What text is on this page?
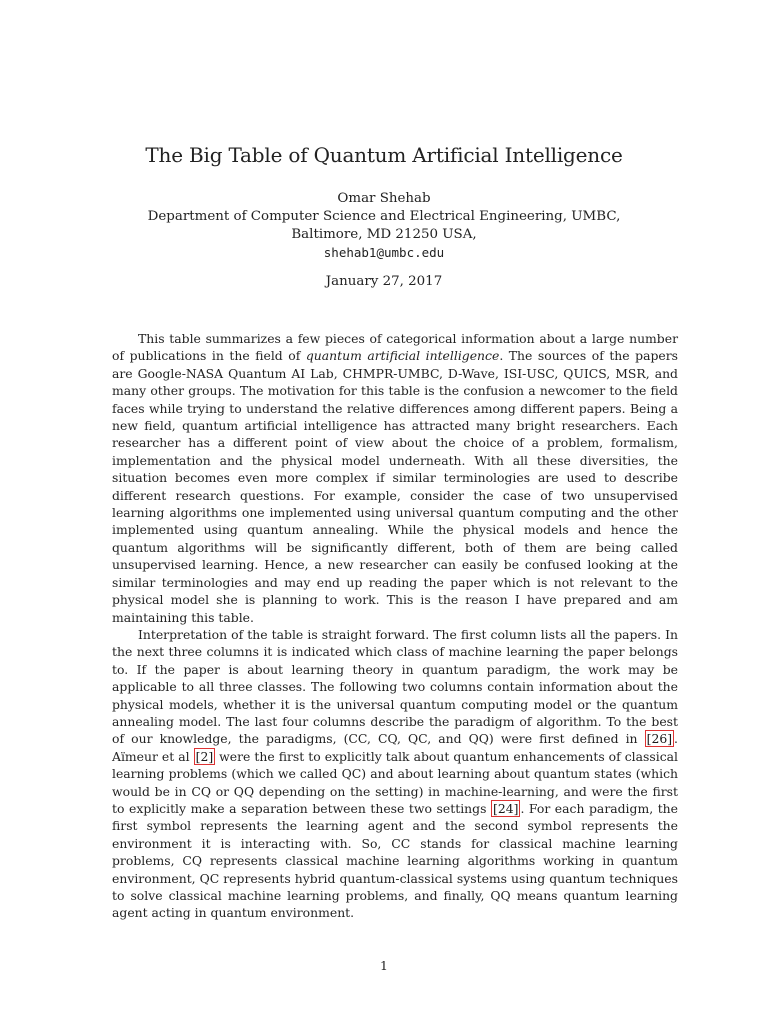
The Big Table of Quantum Artificial Intelligence
Omar Shehab
Department of Computer Science and Electrical Engineering, UMBC,
Baltimore, MD 21250 USA,
shehab1@umbc.edu
January 27, 2017

This table summarizes a few pieces of categorical information about a large number of publications in the field of quantum artificial intelligence. The sources of the papers are Google-NASA Quantum AI Lab, CHMPR-UMBC, D-Wave, ISI-USC, QUICS, MSR, and many other groups. The motivation for this table is the confusion a newcomer to the field faces while trying to understand the relative differences among different papers. Being a new field, quantum artificial intelligence has attracted many bright researchers. Each researcher has a different point of view about the choice of a problem, formalism, implementation and the physical model underneath. With all these diversities, the situation becomes even more complex if similar terminologies are used to describe different research questions. For example, consider the case of two unsupervised learning algorithms one implemented using universal quantum computing and the other implemented using quantum annealing. While the physical models and hence the quantum algorithms will be significantly different, both of them are being called unsupervised learning. Hence, a new researcher can easily be confused looking at the similar terminologies and may end up reading the paper which is not relevant to the physical model she is planning to work. This is the reason I have prepared and am maintaining this table.

Interpretation of the table is straight forward. The first column lists all the papers. In the next three columns it is indicated which class of machine learning the paper belongs to. If the paper is about learning theory in quantum paradigm, the work may be applicable to all three classes. The following two columns contain information about the physical models, whether it is the universal quantum computing model or the quantum annealing model. The last four columns describe the paradigm of algorithm. To the best of our knowledge, the paradigms, (CC, CQ, QC, and QQ) were first defined in [26] . Aïmeur et al [2] were the first to explicitly talk about quantum enhancements of classical learning problems (which we called QC) and about learning about quantum states (which would be in CQ or QQ depending on the setting) in machine-learning, and were the first to explicitly make a separation between these two settings [24] . For each paradigm, the first symbol represents the learning agent and the second symbol represents the environment it is interacting with. So, CC stands for classical machine learning problems, CQ represents classical machine learning algorithms working in quantum environment, QC represents hybrid quantum-classical systems using quantum techniques to solve classical machine learning problems, and finally, QQ means quantum learning agent acting in quantum environment.

1
